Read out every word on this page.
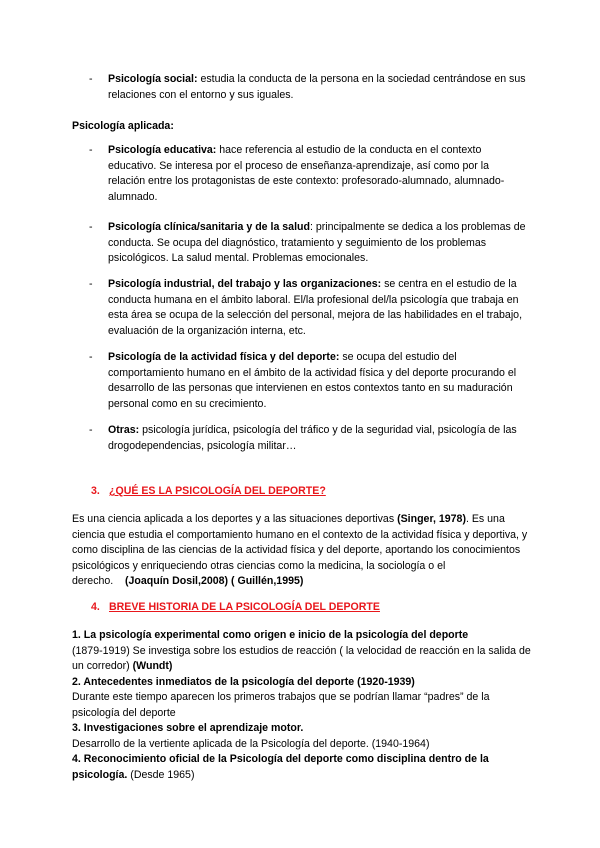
- Psicología social: estudia la conducta de la persona en la sociedad centrándose en sus relaciones con el entorno y sus iguales.
Psicología aplicada:
- Psicología educativa: hace referencia al estudio de la conducta en el contexto educativo. Se interesa por el proceso de enseñanza-aprendizaje, así como por la relación entre los protagonistas de este contexto: profesorado-alumnado, alumnado-alumnado.
- Psicología clínica/sanitaria y de la salud: principalmente se dedica a los problemas de conducta. Se ocupa del diagnóstico, tratamiento y seguimiento de los problemas psicológicos. La salud mental. Problemas emocionales.
- Psicología industrial, del trabajo y las organizaciones: se centra en el estudio de la conducta humana en el ámbito laboral. El/la profesional del/la psicología que trabaja en esta área se ocupa de la selección del personal, mejora de las habilidades en el trabajo, evaluación de la organización interna, etc.
- Psicología de la actividad física y del deporte: se ocupa del estudio del comportamiento humano en el ámbito de la actividad física y del deporte procurando el desarrollo de las personas que intervienen en estos contextos tanto en su maduración personal como en su crecimiento.
- Otras: psicología jurídica, psicología del tráfico y de la seguridad vial, psicología de las drogodependencias, psicología militar…
3. ¿QUÉ ES LA PSICOLOGÍA DEL DEPORTE?
Es una ciencia aplicada a los deportes y a las situaciones deportivas (Singer, 1978). Es una ciencia que estudia el comportamiento humano en el contexto de la actividad física y deportiva, y como disciplina de las ciencias de la actividad física y del deporte, aportando los conocimientos psicológicos y enriqueciendo otras ciencias como la medicina, la sociología o el derecho. (Joaquín Dosil,2008) ( Guillén,1995)
4. BREVE HISTORIA DE LA PSICOLOGÍA DEL DEPORTE
1. La psicología experimental como origen e inicio de la psicología del deporte
(1879-1919) Se investiga sobre los estudios de reacción ( la velocidad de reacción en la salida de un corredor) (Wundt)
2. Antecedentes inmediatos de la psicología del deporte (1920-1939)
Durante este tiempo aparecen los primeros trabajos que se podrían llamar “padres” de la psicología del deporte
3. Investigaciones sobre el aprendizaje motor.
Desarrollo de la vertiente aplicada de la Psicología del deporte. (1940-1964)
4. Reconocimiento oficial de la Psicología del deporte como disciplina dentro de la psicología. (Desde 1965)
